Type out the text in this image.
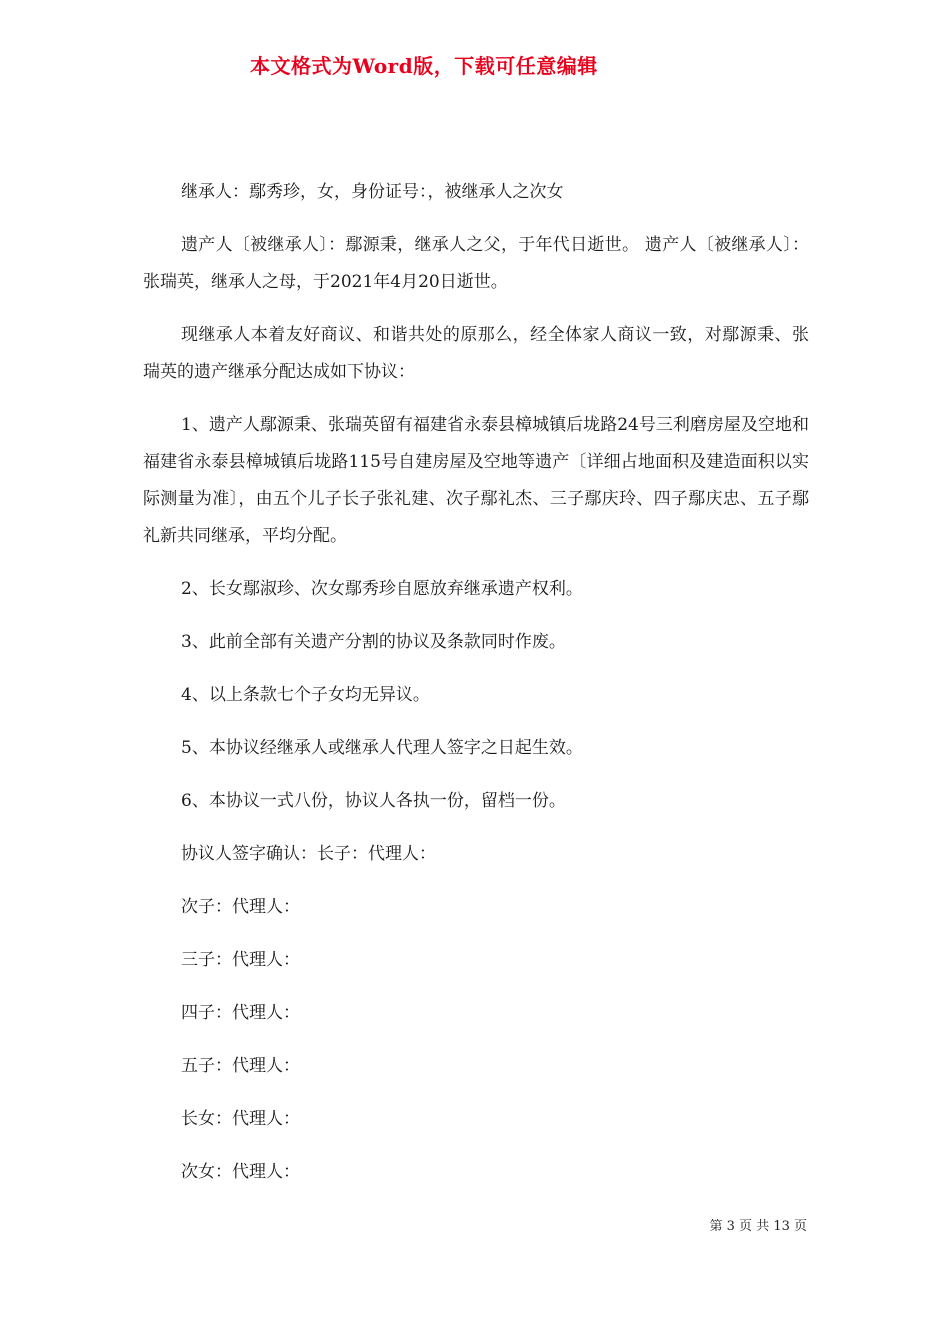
本文格式为Word版，下载可任意编辑

继承人：鄢秀珍，女，身份证号：，被继承人之次女

遗产人〔被继承人〕：鄢源秉，继承人之父，于年代日逝世。 遗产人〔被继承人〕：张瑞英，继承人之母，于2021年4月20日逝世。

现继承人本着友好商议、和谐共处的原那么，经全体家人商议一致，对鄢源秉、张瑞英的遗产继承分配达成如下协议：

1、遗产人鄢源秉、张瑞英留有福建省永泰县樟城镇后垅路24号三利磨房屋及空地和福建省永泰县樟城镇后垅路115号自建房屋及空地等遗产〔详细占地面积及建造面积以实际测量为准〕，由五个儿子长子张礼建、次子鄢礼杰、三子鄢庆玲、四子鄢庆忠、五子鄢礼新共同继承，平均分配。

2、长女鄢淑珍、次女鄢秀珍自愿放弃继承遗产权利。

3、此前全部有关遗产分割的协议及条款同时作废。

4、以上条款七个子女均无异议。

5、本协议经继承人或继承人代理人签字之日起生效。

6、本协议一式八份，协议人各执一份，留档一份。

协议人签字确认：长子：代理人：

次子：代理人：

三子：代理人：

四子：代理人：

五子：代理人：

长女：代理人：

次女：代理人：

第 3 页 共 13 页
